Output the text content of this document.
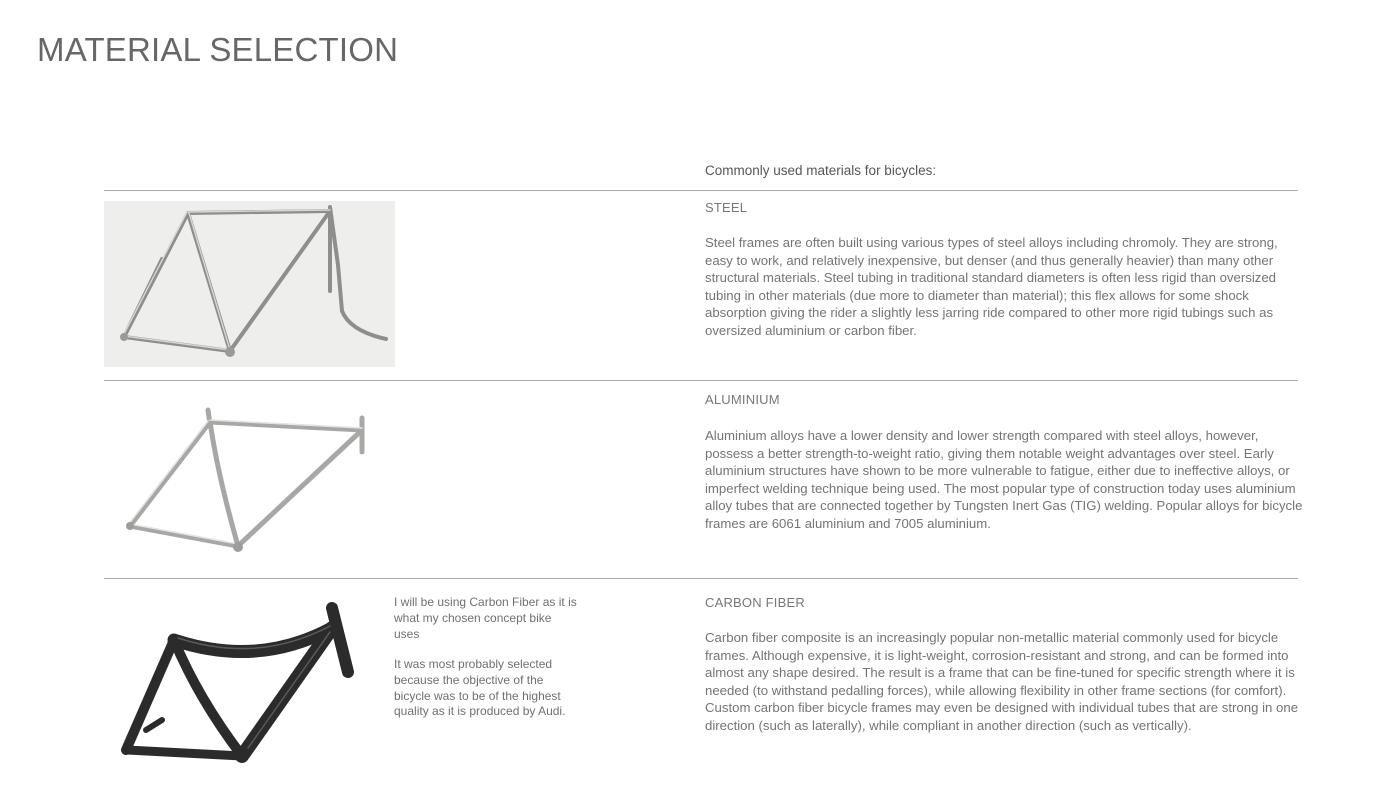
MATERIAL SELECTION
Commonly used materials for bicycles:
STEEL

Steel frames are often built using various types of steel alloys including chromoly. They are strong, easy to work, and relatively inexpensive, but denser (and thus generally heavier) than many other structural materials. Steel tubing in traditional standard diameters is often less rigid than oversized tubing in other materials (due more to diameter than material); this flex allows for some shock absorption giving the rider a slightly less jarring ride compared to other more rigid tubings such as oversized aluminium or carbon fiber.

ALUMINIUM

Aluminium alloys have a lower density and lower strength compared with steel alloys, however, possess a better strength-to-weight ratio, giving them notable weight advantages over steel. Early aluminium structures have shown to be more vulnerable to fatigue, either due to ineffective alloys, or imperfect welding technique being used. The most popular type of construction today uses aluminium alloy tubes that are connected together by Tungsten Inert Gas (TIG) welding. Popular alloys for bicycle frames are 6061 aluminium and 7005 aluminium.

I will be using Carbon Fiber as it is what my chosen concept bike uses

It was most probably selected because the objective of the bicycle was to be of the highest quality as it is produced by Audi.

CARBON FIBER

Carbon fiber composite is an increasingly popular non-metallic material commonly used for bicycle frames. Although expensive, it is light-weight, corrosion-resistant and strong, and can be formed into almost any shape desired. The result is a frame that can be fine-tuned for specific strength where it is needed (to withstand pedalling forces), while allowing flexibility in other frame sections (for comfort). Custom carbon fiber bicycle frames may even be designed with individual tubes that are strong in one direction (such as laterally), while compliant in another direction (such as vertically).
